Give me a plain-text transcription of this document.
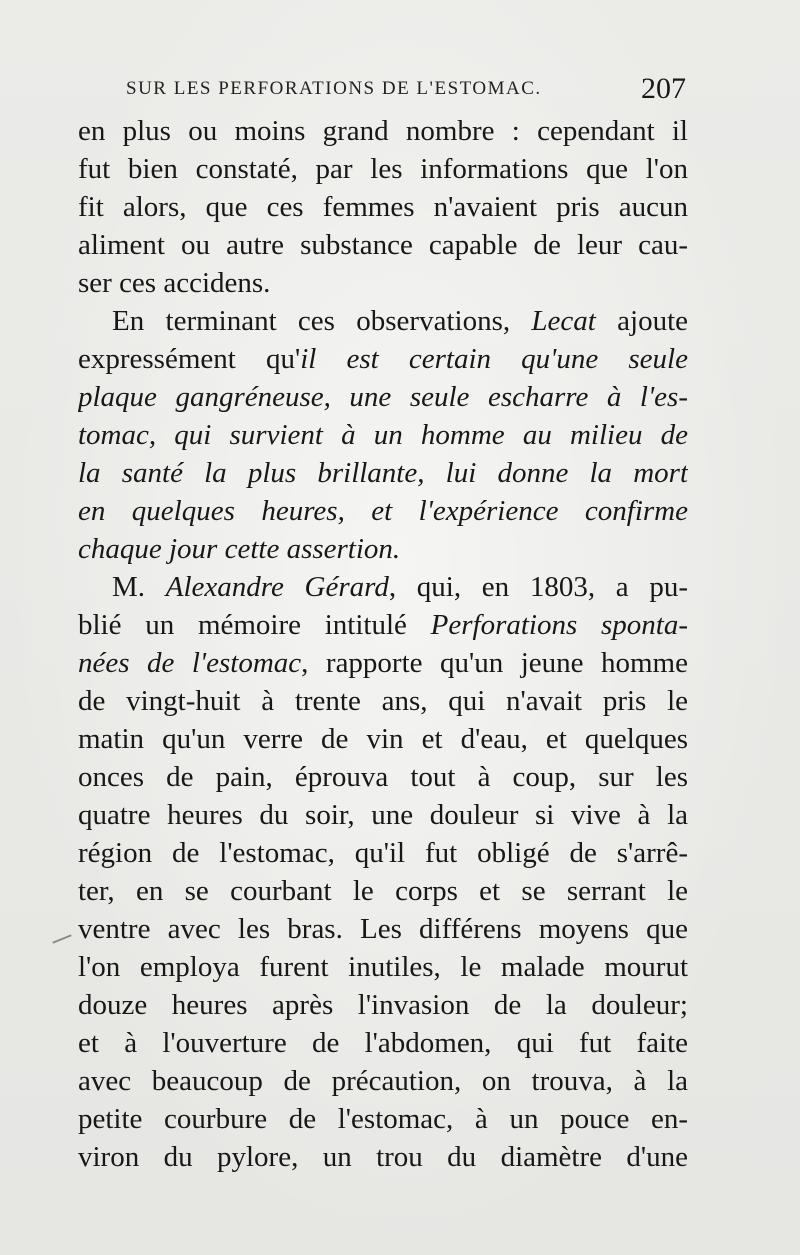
SUR LES PERFORATIONS DE L'ESTOMAC.	207
en plus ou moins grand nombre : cependant il
fut bien constaté, par les informations que l'on
fit alors, que ces femmes n'avaient pris aucun
aliment ou autre substance capable de leur cau-
ser ces accidens.
En terminant ces observations, Lecat ajoute
expressément qu'il est certain qu'une seule
plaque gangréneuse, une seule escharre à l'es-
tomac, qui survient à un homme au milieu de
la santé la plus brillante, lui donne la mort
en quelques heures, et l'expérience confirme
chaque jour cette assertion.
M. Alexandre Gérard, qui, en 1803, a pu-
blié un mémoire intitulé Perforations sponta-
nées de l'estomac, rapporte qu'un jeune homme
de vingt-huit à trente ans, qui n'avait pris le
matin qu'un verre de vin et d'eau, et quelques
onces de pain, éprouva tout à coup, sur les
quatre heures du soir, une douleur si vive à la
région de l'estomac, qu'il fut obligé de s'arrê-
ter, en se courbant le corps et se serrant le
ventre avec les bras. Les différens moyens que
l'on employa furent inutiles, le malade mourut
douze heures après l'invasion de la douleur;
et à l'ouverture de l'abdomen, qui fut faite
avec beaucoup de précaution, on trouva, à la
petite courbure de l'estomac, à un pouce en-
viron du pylore, un trou du diamètre d'une
